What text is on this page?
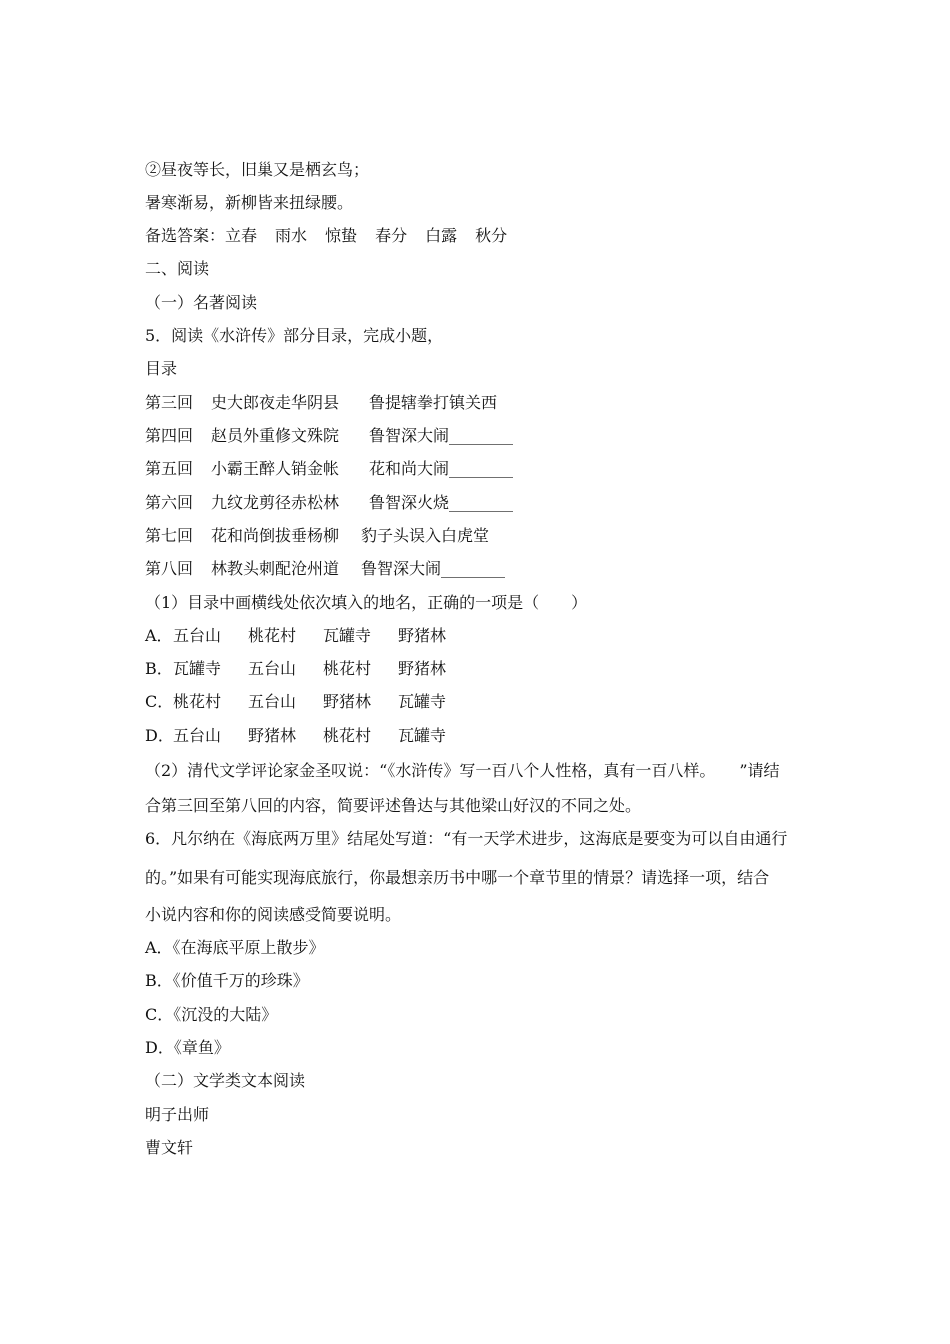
②昼夜等长，旧巢又是栖玄鸟；
暑寒渐易，新柳皆来扭绿腰。
备选答案：立春 雨水 惊蛰 春分 白露 秋分
二、阅读
（一）名著阅读
5．阅读《水浒传》部分目录，完成小题，
目录
第三回 史大郎夜走华阴县 鲁提辖拳打镇关西
第四回 赵员外重修文殊院 鲁智深大闹________
第五回 小霸王醉人销金帐 花和尚大闹________
第六回 九纹龙剪径赤松林 鲁智深火烧________
第七回 花和尚倒拔垂杨柳 豹子头误入白虎堂
第八回 林教头刺配沧州道 鲁智深大闹________
（1）目录中画横线处依次填入的地名，正确的一项是（　　）
A．五台山 桃花村 瓦罐寺 野猪林
B．瓦罐寺 五台山 桃花村 野猪林
C．桃花村 五台山 野猪林 瓦罐寺
D．五台山 野猪林 桃花村 瓦罐寺
（2）清代文学评论家金圣叹说：“《水浒传》写一百八个人性格，真有一百八样。　　”请结
合第三回至第八回的内容，简要评述鲁达与其他梁山好汉的不同之处。
6．凡尔纳在《海底两万里》结尾处写道：“有一天学术进步，这海底是要变为可以自由通行
的。”如果有可能实现海底旅行，你最想亲历书中哪一个章节里的情景？请选择一项，结合
小说内容和你的阅读感受简要说明。
A．《在海底平原上散步》
B．《价值千万的珍珠》
C．《沉没的大陆》
D．《章鱼》
（二）文学类文本阅读
明子出师
曹文轩
